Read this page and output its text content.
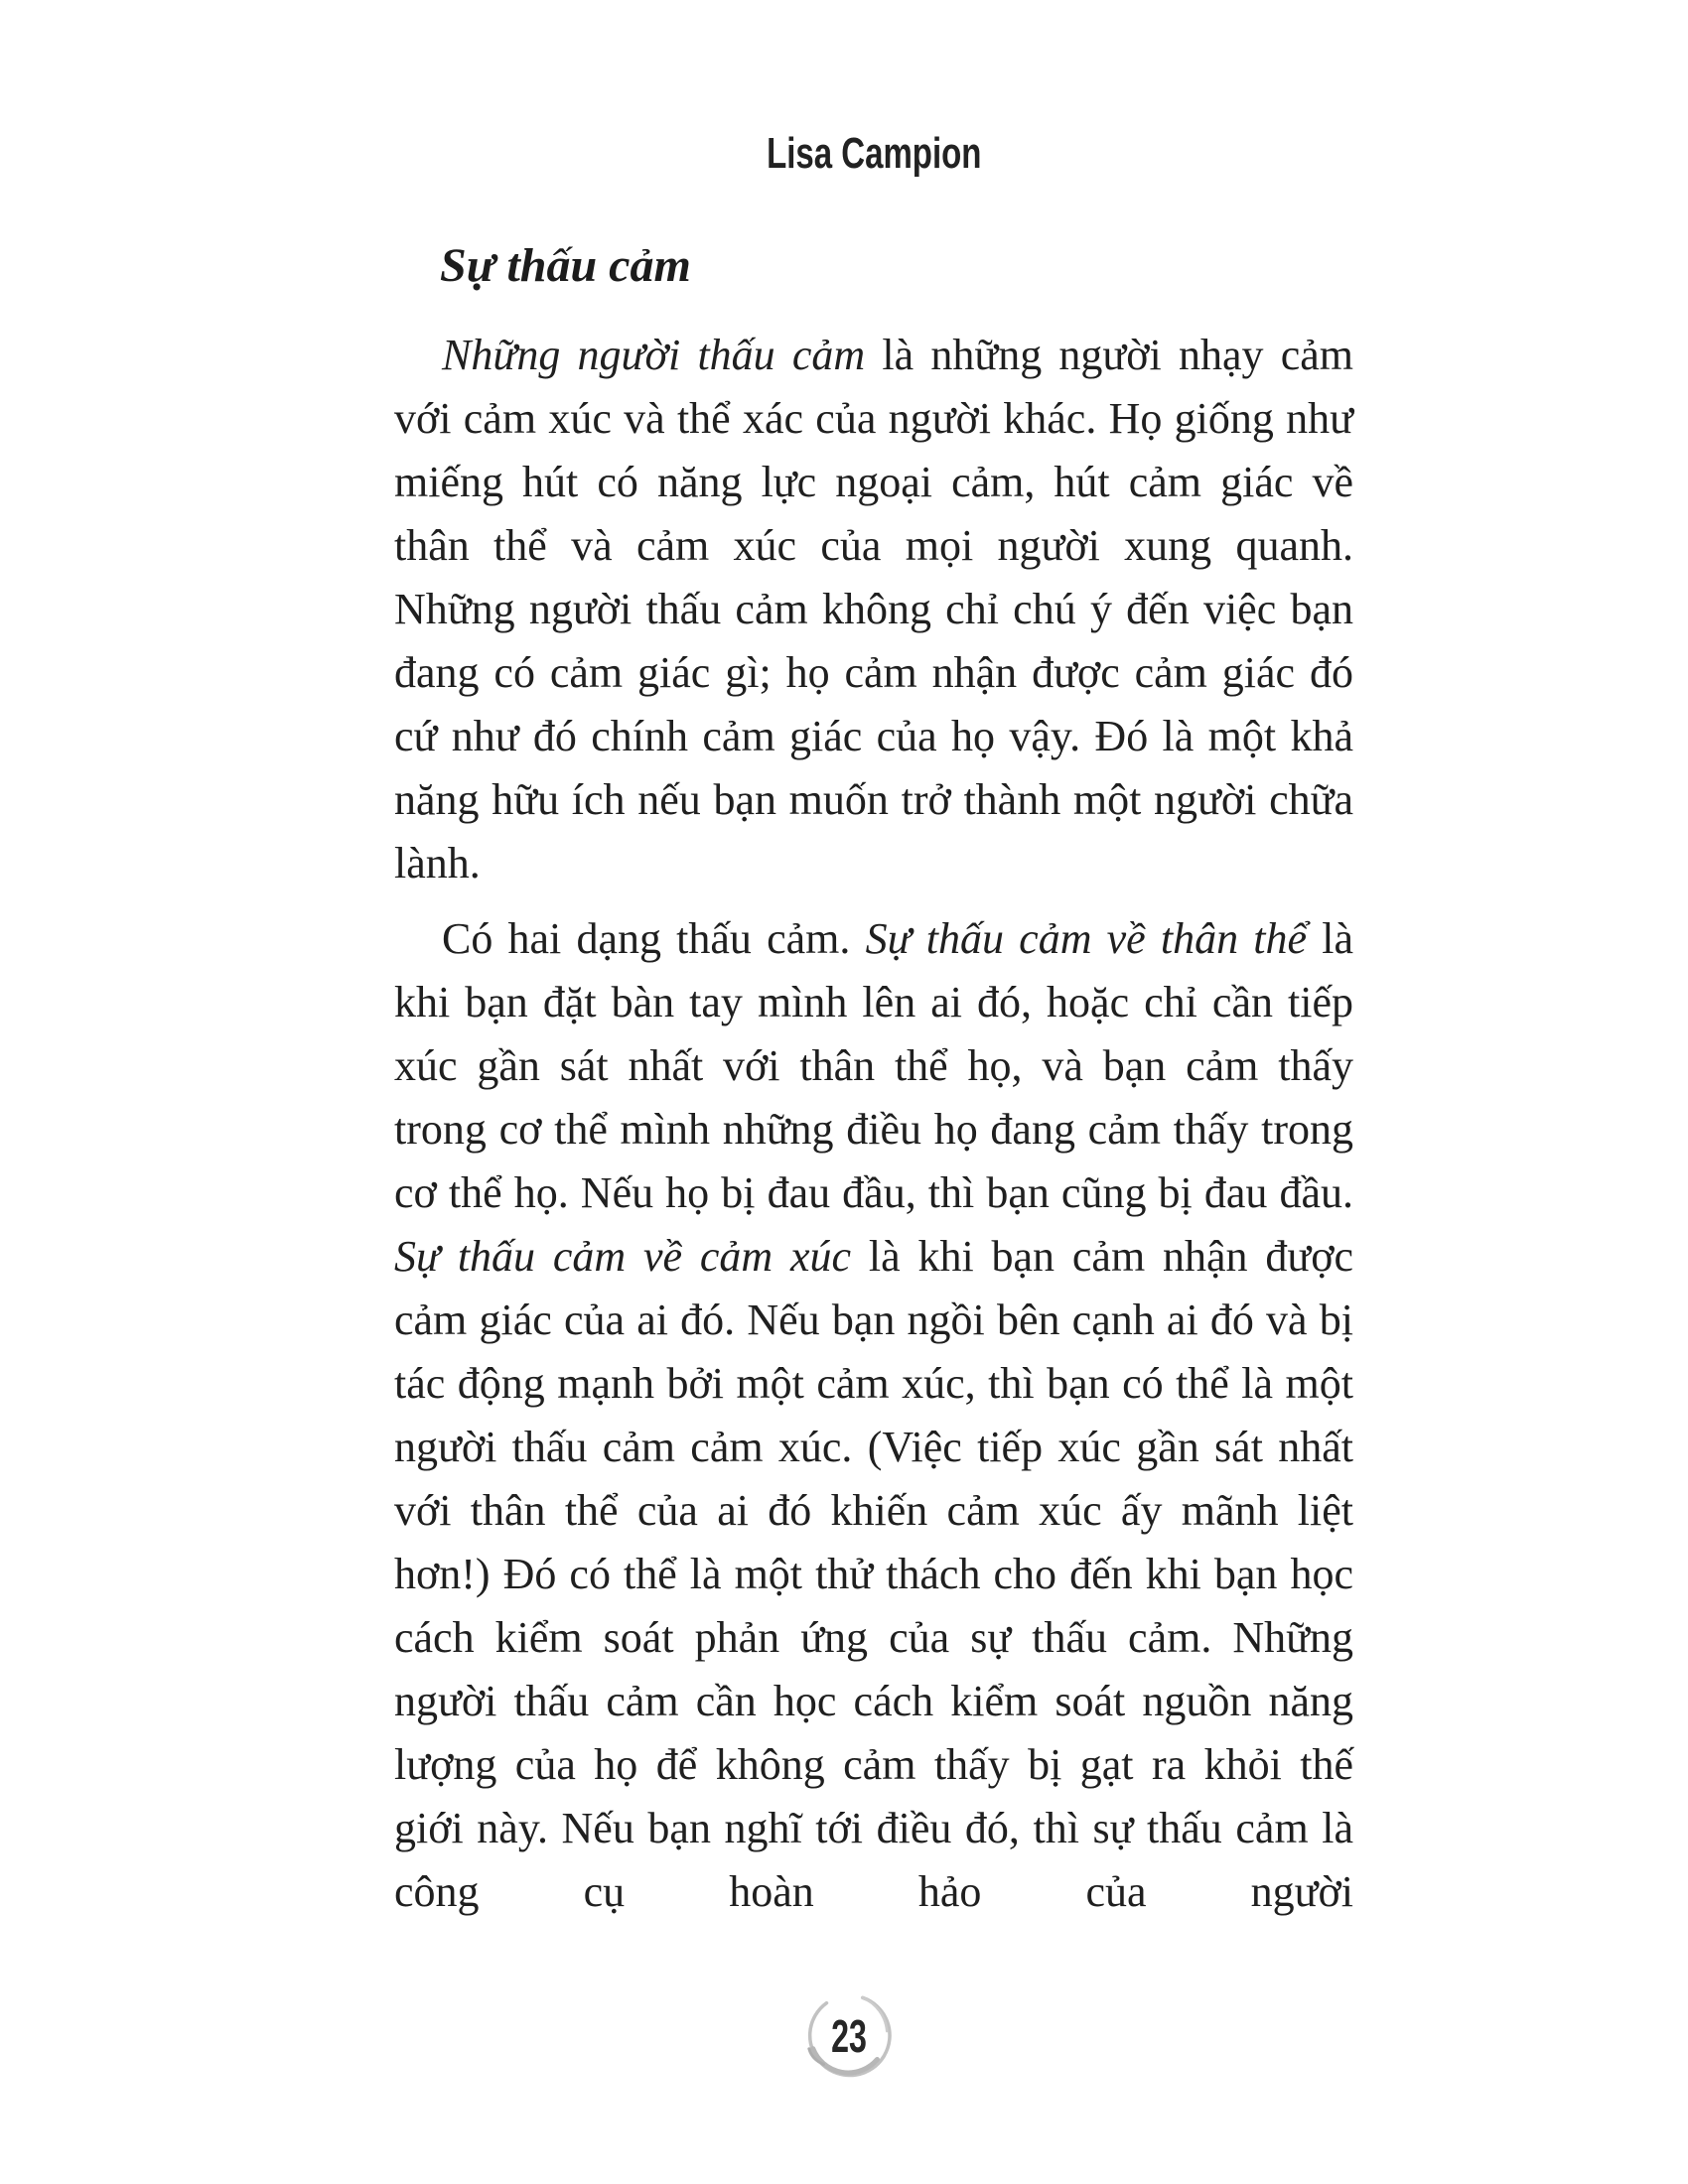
Lisa Campion
Sự thấu cảm

Những người thấu cảm là những người nhạy cảm với cảm xúc và thể xác của người khác. Họ giống như miếng hút có năng lực ngoại cảm, hút cảm giác về thân thể và cảm xúc của mọi người xung quanh. Những người thấu cảm không chỉ chú ý đến việc bạn đang có cảm giác gì; họ cảm nhận được cảm giác đó cứ như đó chính cảm giác của họ vậy. Đó là một khả năng hữu ích nếu bạn muốn trở thành một người chữa lành.

Có hai dạng thấu cảm. Sự thấu cảm về thân thể là khi bạn đặt bàn tay mình lên ai đó, hoặc chỉ cần tiếp xúc gần sát nhất với thân thể họ, và bạn cảm thấy trong cơ thể mình những điều họ đang cảm thấy trong cơ thể họ. Nếu họ bị đau đầu, thì bạn cũng bị đau đầu. Sự thấu cảm về cảm xúc là khi bạn cảm nhận được cảm giác của ai đó. Nếu bạn ngồi bên cạnh ai đó và bị tác động mạnh bởi một cảm xúc, thì bạn có thể là một người thấu cảm cảm xúc. (Việc tiếp xúc gần sát nhất với thân thể của ai đó khiến cảm xúc ấy mãnh liệt hơn!) Đó có thể là một thử thách cho đến khi bạn học cách kiểm soát phản ứng của sự thấu cảm. Những người thấu cảm cần học cách kiểm soát nguồn năng lượng của họ để không cảm thấy bị gạt ra khỏi thế giới này. Nếu bạn nghĩ tới điều đó, thì sự thấu cảm là công cụ hoàn hảo của người

23
